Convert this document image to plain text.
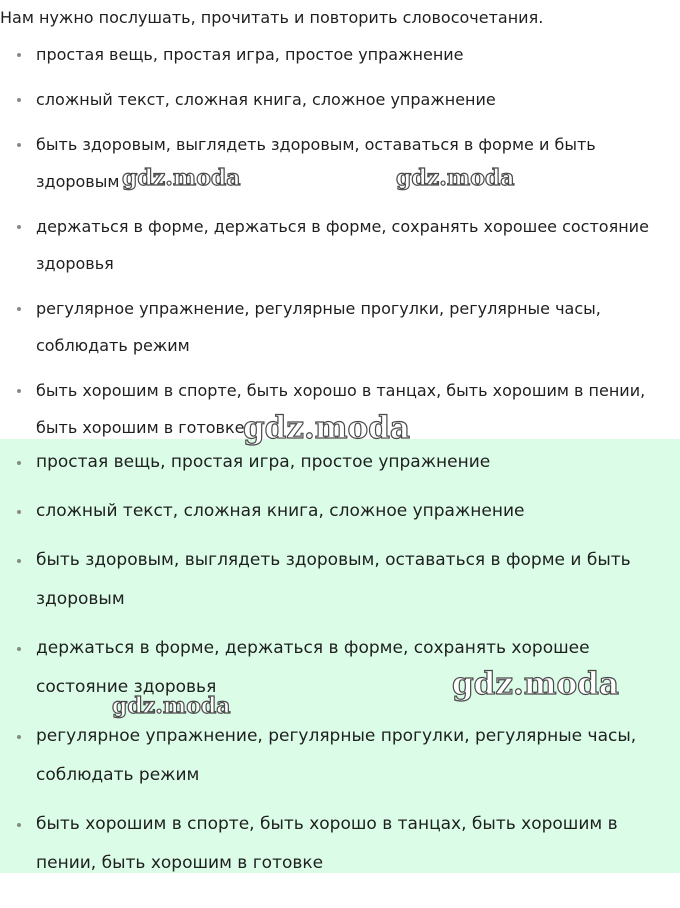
Нам нужно послушать, прочитать и повторить словосочетания.

простая вещь, простая игра, простое упражнение
сложный текст, сложная книга, сложное упражнение
быть здоровым, выглядеть здоровым, оставаться в форме и быть здоровым
держаться в форме, держаться в форме, сохранять хорошее состояние здоровья
регулярное упражнение, регулярные прогулки, регулярные часы, соблюдать режим
быть хорошим в спорте, быть хорошо в танцах, быть хорошим в пении, быть хорошим в готовке
простая вещь, простая игра, простое упражнение
сложный текст, сложная книга, сложное упражнение
быть здоровым, выглядеть здоровым, оставаться в форме и быть здоровым
держаться в форме, держаться в форме, сохранять хорошее состояние здоровья
регулярное упражнение, регулярные прогулки, регулярные часы, соблюдать режим
быть хорошим в спорте, быть хорошо в танцах, быть хорошим в пении, быть хорошим в готовке
gdz.moda	gdz.moda
gdz.moda
gdz.moda
gdz.moda
